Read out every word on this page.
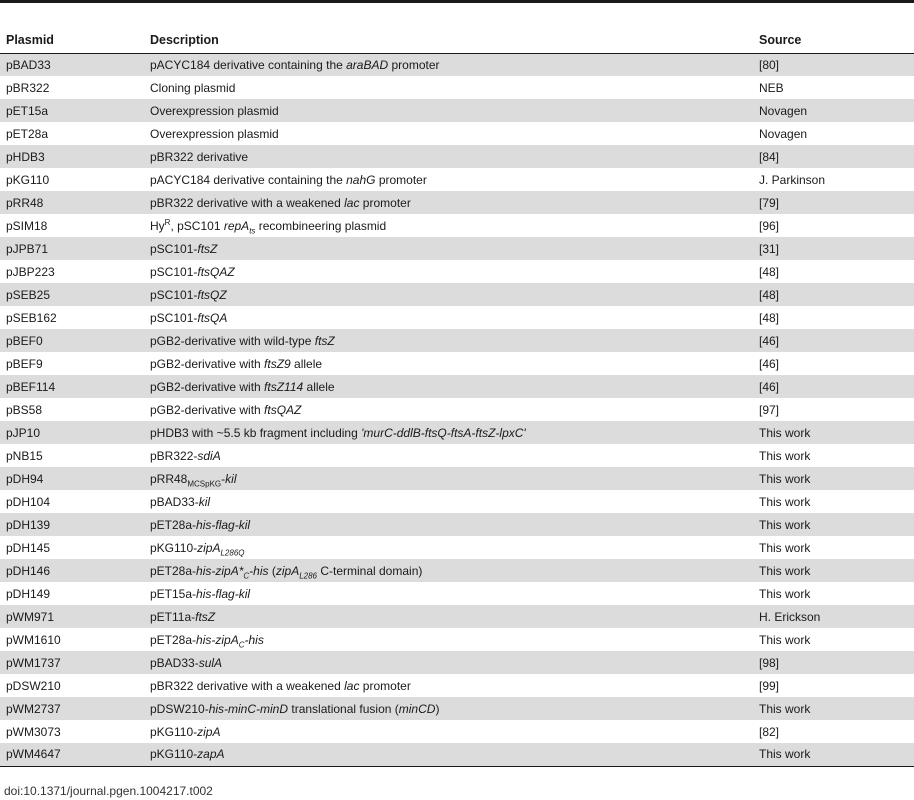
Plasmid	Description	Source
pBAD33	pACYC184 derivative containing the araBAD promoter	[80]
pBR322	Cloning plasmid	NEB
pET15a	Overexpression plasmid	Novagen
pET28a	Overexpression plasmid	Novagen
pHDB3	pBR322 derivative	[84]
pKG110	pACYC184 derivative containing the nahG promoter	J. Parkinson
pRR48	pBR322 derivative with a weakened lac promoter	[79]
pSIM18	$Hy^R$, pSC101 repA$_{ts}$ recombineering plasmid	[96]
pJPB71	pSC101-ftsZ	[31]
pJBP223	pSC101-ftsQAZ	[48]
pSEB25	pSC101-ftsQZ	[48]
pSEB162	pSC101-ftsQA	[48]
pBEF0	pGB2-derivative with wild-type ftsZ	[46]
pBEF9	pGB2-derivative with ftsZ9 allele	[46]
pBEF114	pGB2-derivative with ftsZ114 allele	[46]
pBS58	pGB2-derivative with ftsQAZ	[97]
pJP10	pHDB3 with ~5.5 kb fragment including 'murC-ddlB-ftsQ-ftsA-ftsZ-lpxC'	This work
pNB15	pBR322-sdiA	This work
pDH94	$pRR48_{MCSpKG}$-kil	This work
pDH104	pBAD33-kil	This work
pDH139	pET28a-his-flag-kil	This work
pDH145	pKG110-zipA$_{L286Q}$	This work
pDH146	$pET28a-his-zipA*_C$-his (zipA$_{L286}$ C-terminal domain)	This work
pDH149	pET15a-his-flag-kil	This work
pWM971	pET11a-ftsZ	H. Erickson
pWM1610	pET28a-his-zipA$_C$-his	This work
pWM1737	pBAD33-sulA	[98]
pDSW210	pBR322 derivative with a weakened lac promoter	[99]
pWM2737	pDSW210-his-minC-minD translational fusion (minCD)	This work
pWM3073	pKG110-zipA	[82]
pWM4647	pKG110-zapA	This work
doi:10.1371/journal.pgen.1004217.t002
